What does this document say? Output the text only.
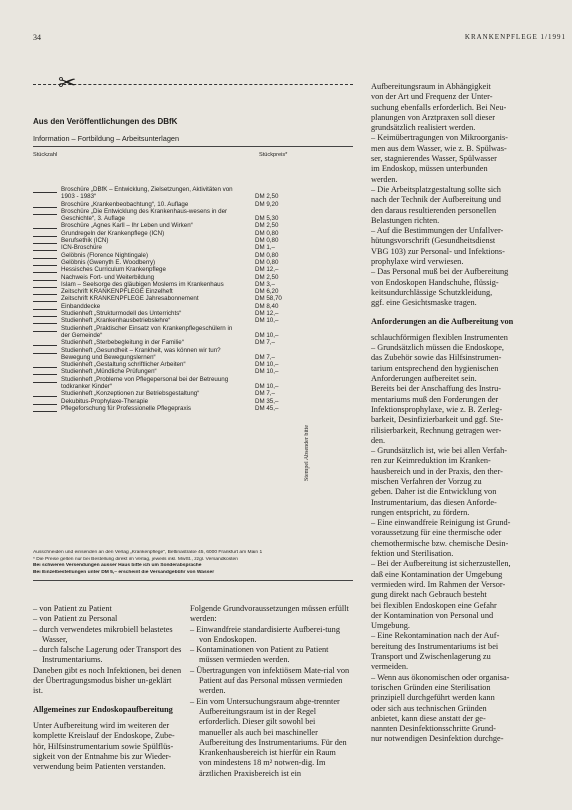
34	KRANKENPFLEGE 1/1991
✂
Aus den Veröffentlichungen des DBfK
Information – Fortbildung – Arbeitsunterlagen
Stückzahl	Stückpreis*
Broschüre „DBfK – Entwicklung, Zielsetzungen, Aktivitäten von 1903 - 1983“	DM 2,50
Broschüre „Krankenbeobachtung“, 10. Auflage	DM 9,20
Broschüre „Die Entwicklung des Krankenhaus-wesens in der Geschichte“, 3. Auflage	DM 5,30
Broschüre „Agnes Karll – Ihr Leben und Wirken“	DM 2,50
Grundregeln der Krankenpflege (ICN)	DM 0,80
Berufsethik (ICN)	DM 0,80
ICN-Broschüre	DM 1,–
Gelöbnis (Florence Nightingale)	DM 0,80
Gelöbnis (Gwenyth E. Woodberry)	DM 0,80
Hessisches Curriculum Krankenpflege	DM 12,–
Nachweis Fort- und Weiterbildung	DM 2,50
Islam – Seelsorge des gläubigen Moslems im Krankenhaus	DM 3,–
Zeitschrift KRANKENPFLEGE Einzelheft	DM 6,20
Zeitschrift KRANKENPFLEGE Jahresabonnement	DM 58,70
Einbanddecke	DM 8,40
Studienheft „Strukturmodell des Unterrichts“	DM 12,–
Studienheft „Krankenhausbetriebslehre“	DM 10,–
Studienheft „Praktischer Einsatz von Krankenpflegeschülern in der Gemeinde“	DM 10,–
Studienheft „Sterbebegleitung in der Familie“	DM 7,–
Studienheft „Gesundheit – Krankheit, was können wir tun? Bewegung und Bewegungslernen“	DM 7,–
Studienheft „Gestaltung schriftlicher Arbeiten“	DM 10,–
Studienheft „Mündliche Prüfungen“	DM 10,–
Studienheft „Probleme von Pflegepersonal bei der Betreuung todkranker Kinder“	DM 10,–
Studienheft „Konzeptionen zur Betriebsgestaltung“	DM 7,–
Dekubitus-Prophylaxe-Therapie	DM 35,–
Pflegeforschung für Professionelle Pflegepraxis	DM 45,–
Stempel Absender bitte
Ausschneiden und einsenden an den Verlag „Krankenpflege“, Bettinastraße 45, 6000 Frankfurt am Main 1
* Die Preise gelten nur bei Bestellung direkt im Verlag, jeweils inkl. MwSt., zzgl. Versandkosten
Bei schweren Versendungen ausser Haus bitte ich um Sonderabsprache
Bei Einzelbestellungen unter DM 5,– erscheint die Versandgebühr von Wasser

– von Patient zu Patient

– von Patient zu Personal

– durch verwendetes mikrobiell belastetes Wasser,

– durch falsche Lagerung oder Transport des Instrumentariums.

Daneben gibt es noch Infektionen, bei denen der Übertragungsmodus bisher un-geklärt ist.

Allgemeines zur Endoskopaufbereitung

Unter Aufbereitung wird im weiteren der komplette Kreislauf der Endoskope, Zube-hör, Hilfsinstrumentarium sowie Spülflüs-sigkeit von der Entnahme bis zur Wieder-verwendung beim Patienten verstanden.

Folgende Grundvoraussetzungen müssen erfüllt werden:

– Einwandfreie standardisierte Aufberei-tung von Endoskopen.

– Kontaminationen von Patient zu Patient müssen vermieden werden.

– Übertragungen von infektiösem Mate-rial von Patient auf das Personal müssen vermieden werden.

– Ein vom Untersuchungsraum abge-trennter Aufbereitungsraum ist in der Regel erforderlich. Dieser gilt sowohl bei manueller als auch bei maschineller Aufbereitung des Instrumentariums. Für den Krankenhausbereich ist hierfür ein Raum von mindestens 18 m² notwen-dig. Im ärztlichen Praxisbereich ist ein

Aufbereitungsraum in Abhängigkeit

von der Art und Frequenz der Unter-

suchung ebenfalls erforderlich. Bei Neu-

planungen von Arztpraxen soll dieser

grundsätzlich realisiert werden.

– Keimübertragungen von Mikroorganis-

men aus dem Wasser, wie z. B. Spülwas-

ser, stagnierendes Wasser, Spülwasser

im Endoskop, müssen unterbunden

werden.

– Die Arbeitsplatzgestaltung sollte sich

nach der Technik der Aufbereitung und

den daraus resultierenden personellen

Belastungen richten.

– Auf die Bestimmungen der Unfallver-

hütungsvorschrift (Gesundheitsdienst

VBG 103) zur Personal- und Infektions-

prophylaxe wird verwiesen.

– Das Personal muß bei der Aufbereitung

von Endoskopen Handschuhe, flüssig-

keitsundurchlässige Schutzkleidung,

ggf. eine Gesichtsmaske tragen.

Anforderungen an die Aufbereitung von

schlauchförmigen flexiblen Instrumenten

– Grundsätzlich müssen die Endoskope,

das Zubehör sowie das Hilfsinstrumen-

tarium entsprechend den hygienischen

Anforderungen aufbereitet sein.

Bereits bei der Anschaffung des Instru-

mentariums muß den Forderungen der

Infektionsprophylaxe, wie z. B. Zerleg-

barkeit, Desinfizierbarkeit und ggf. Ste-

rilisierbarkeit, Rechnung getragen wer-

den.

– Grundsätzlich ist, wie bei allen Verfah-

ren zur Keimreduktion im Kranken-

hausbereich und in der Praxis, den ther-

mischen Verfahren der Vorzug zu

geben. Daher ist die Entwicklung von

Instrumentarium, das diesen Anforde-

rungen entspricht, zu fördern.

– Eine einwandfreie Reinigung ist Grund-

voraussetzung für eine thermische oder

chemothermische bzw. chemische Desin-

fektion und Sterilisation.

– Bei der Aufbereitung ist sicherzustellen,

daß eine Kontamination der Umgebung

vermieden wird. Im Rahmen der Versor-

gung direkt nach Gebrauch besteht

bei flexiblen Endoskopen eine Gefahr

der Kontamination von Personal und

Umgebung.

– Eine Rekontamination nach der Auf-

bereitung des Instrumentariums ist bei

Transport und Zwischenlagerung zu

vermeiden.

– Wenn aus ökonomischen oder organisa-

torischen Gründen eine Sterilisation

prinzipiell durchgeführt werden kann

oder sich aus technischen Gründen

anbietet, kann diese anstatt der ge-

nannten Desinfektionsschritte Grund-

nur notwendigen Desinfektion durchge-
